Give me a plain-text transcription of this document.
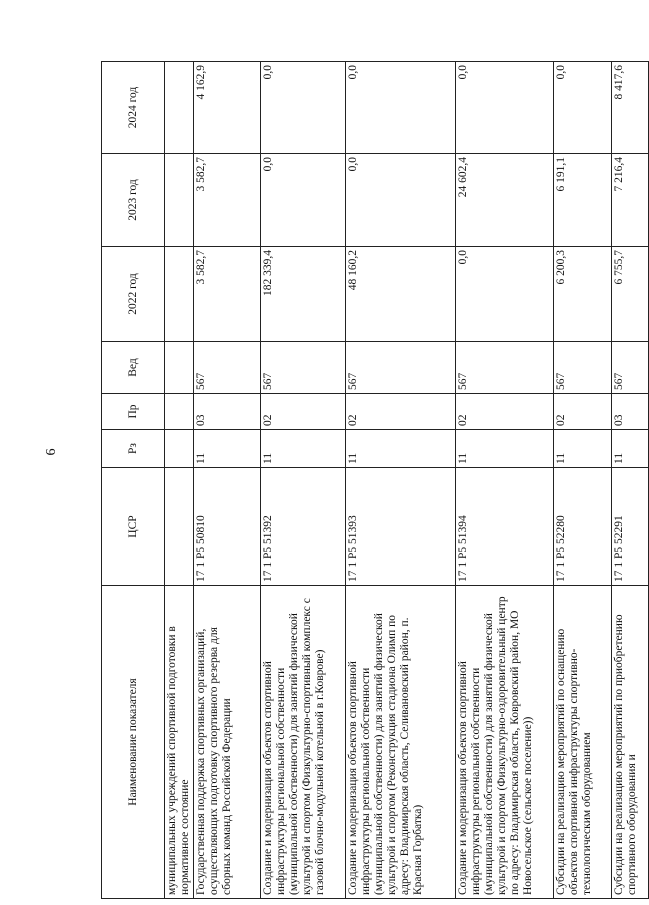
6
Наименование показателя	ЦСР	Рз	Пр	Вед	2022 год	2023 год	2024 год
муниципальных учреждений спортивной подготовки в нормативное состояние							
Государственная поддержка спортивных организаций, осуществляющих подготовку спортивного резерва для сборных команд Российской Федерации	17 1 P5 50810	11	03	567	3 582,7	3 582,7	4 162,9
Создание и модернизация объектов спортивной инфраструктуры региональной собственности (муниципальной собственности) для занятий физической культурой и спортом (Физкультурно-спортивный комплекс с газовой блочно-модульной котельной в г.Коврове)	17 1 P5 51392	11	02	567	182 339,4	0,0	0,0
Создание и модернизация объектов спортивной инфраструктуры региональной собственности (муниципальной собственности) для занятий физической культурой и спортом (Реконструкция стадиона Олимп по адресу: Владимирская область, Селивановский район, п. Красная Горбатка)	17 1 P5 51393	11	02	567	48 160,2	0,0	0,0
Создание и модернизация объектов спортивной инфраструктуры региональной собственности (муниципальной собственности) для занятий физической культурой и спортом (Физкультурно-оздоровительный центр по адресу: Владимирская область, Ковровский район, МО Новосельское (сельское поселение))	17 1 P5 51394	11	02	567	0,0	24 602,4	0,0
Субсидии на реализацию мероприятий по оснащению объектов спортивной инфраструктуры спортивно-технологическим оборудованием	17 1 P5 52280	11	02	567	6 200,3	6 191,1	0,0
Субсидии на реализацию мероприятий по приобретению спортивного оборудования и	17 1 P5 52291	11	03	567	6 755,7	7 216,4	8 417,6
